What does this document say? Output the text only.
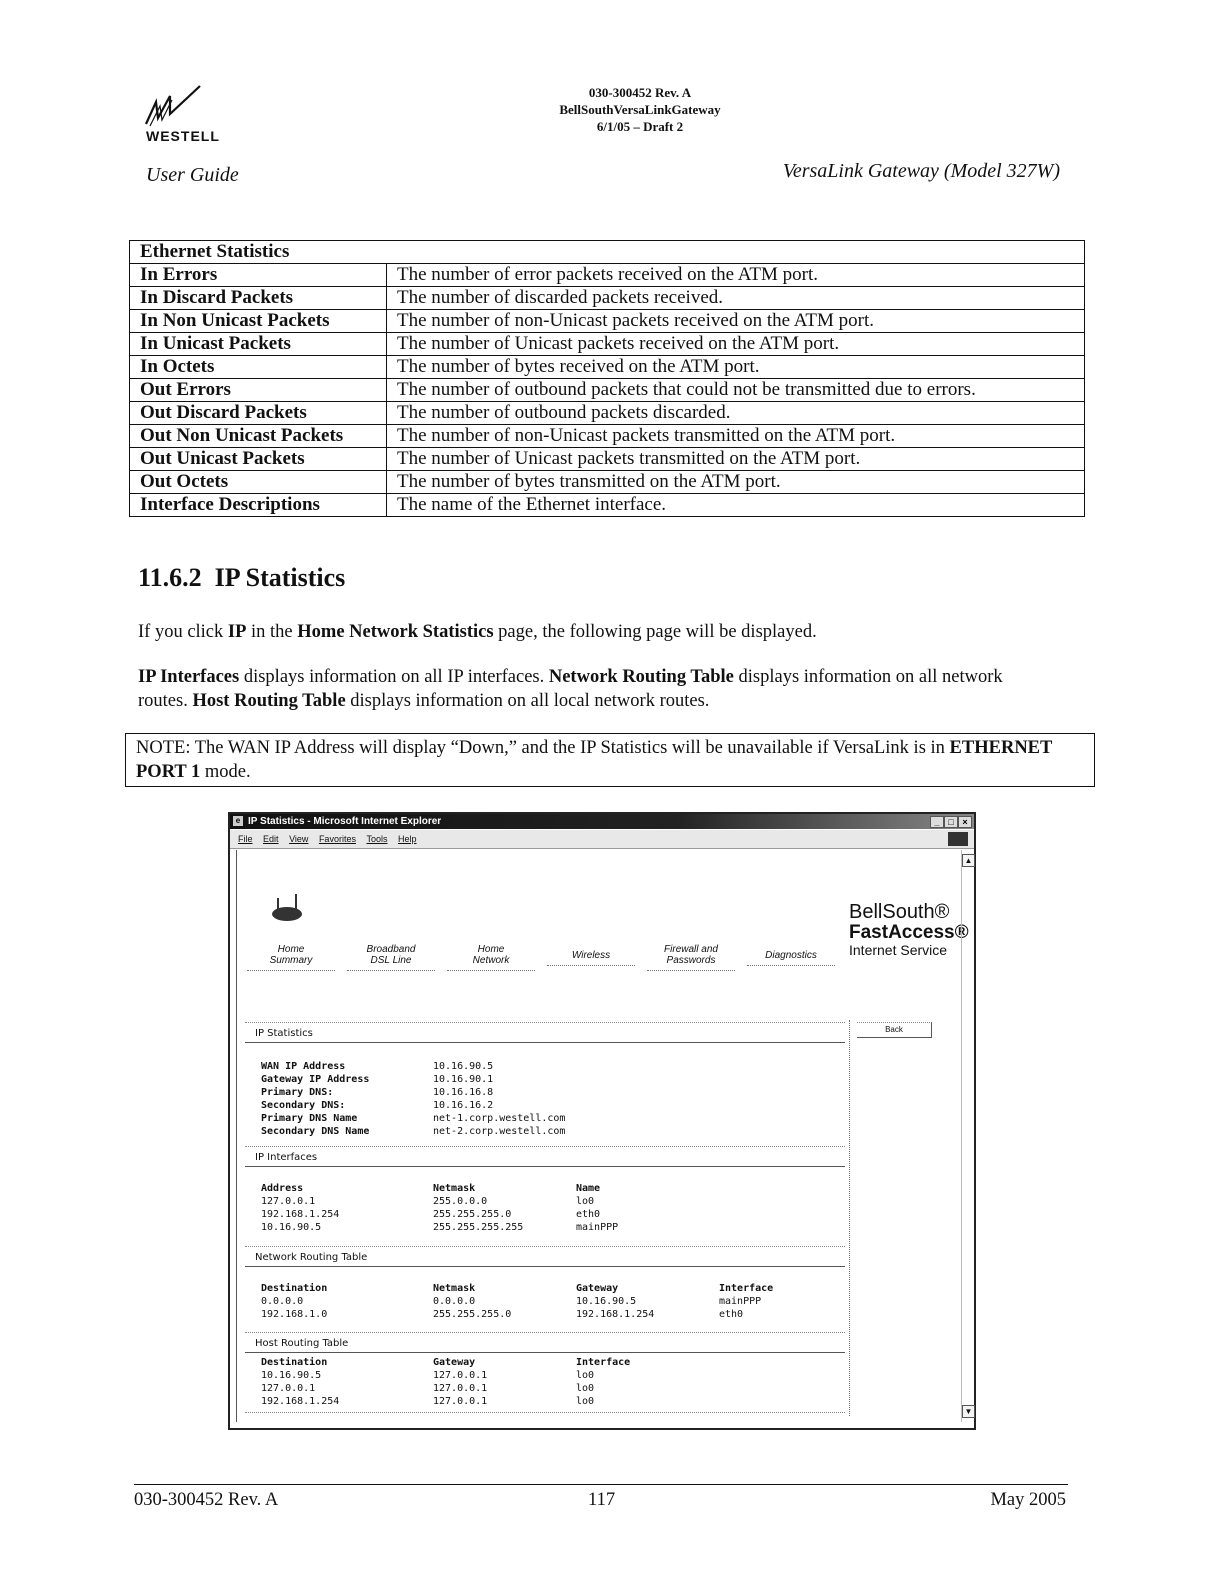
WESTELL
030-300452 Rev. A
BellSouthVersaLinkGateway
6/1/05 – Draft 2
User Guide	VersaLink Gateway (Model 327W)
Ethernet Statistics	
In Errors	The number of error packets received on the ATM port.
In Discard Packets	The number of discarded packets received.
In Non Unicast Packets	The number of non-Unicast packets received on the ATM port.
In Unicast Packets	The number of Unicast packets received on the ATM port.
In Octets	The number of bytes received on the ATM port.
Out Errors	The number of outbound packets that could not be transmitted due to errors.
Out Discard Packets	The number of outbound packets discarded.
Out Non Unicast Packets	The number of non-Unicast packets transmitted on the ATM port.
Out Unicast Packets	The number of Unicast packets transmitted on the ATM port.
Out Octets	The number of bytes transmitted on the ATM port.
Interface Descriptions	The name of the Ethernet interface.
11.6.2 IP Statistics
If you click IP in the Home Network Statistics page, the following page will be displayed.
IP Interfaces displays information on all IP interfaces. Network Routing Table displays information on all network routes. Host Routing Table displays information on all local network routes.
NOTE: The WAN IP Address will display “Down,” and the IP Statistics will be unavailable if VersaLink is in ETHERNET PORT 1 mode.
e IP Statistics - Microsoft Internet Explorer	_ □ ×
File Edit View Favorites Tools Help
Home
Summary
Broadband
DSL Line
Home
Network	Wireless
Firewall and
Passwords	Diagnostics
BellSouth®
FastAccess®
Internet Service
Back
IP Statistics
WAN IP Address	10.16.90.5
Gateway IP Address	10.16.90.1
Primary DNS:	10.16.16.8
Secondary DNS:	10.16.16.2
Primary DNS Name	net-1.corp.westell.com
Secondary DNS Name	net-2.corp.westell.com
IP Interfaces
Address	Netmask	Name
127.0.0.1	255.0.0.0	lo0
192.168.1.254	255.255.255.0	eth0
10.16.90.5	255.255.255.255	mainPPP
Network Routing Table
Destination	Netmask	Gateway	Interface
0.0.0.0	0.0.0.0	10.16.90.5	mainPPP
192.168.1.0	255.255.255.0	192.168.1.254	eth0
Host Routing Table
Destination	Gateway	Interface
10.16.90.5	127.0.0.1	lo0
127.0.0.1	127.0.0.1	lo0
192.168.1.254	127.0.0.1	lo0
▲
▼
030-300452 Rev. A	117	May 2005
